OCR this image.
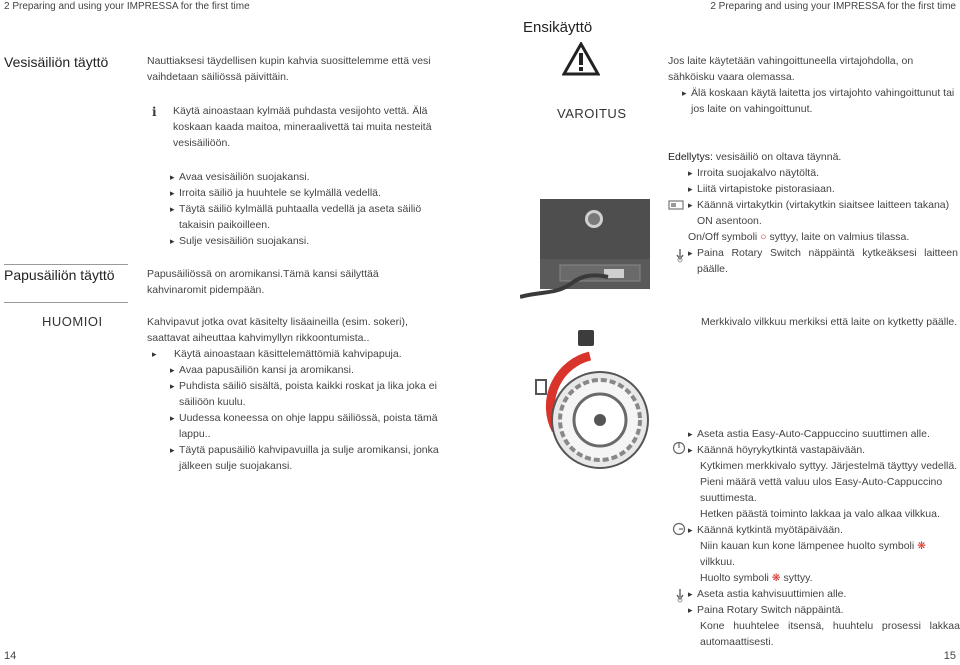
2 Preparing and using your IMPRESSA for the first time	2 Preparing and using your IMPRESSA for the first time
Ensikäyttö
Vesisäiliön täyttö	Nauttiaksesi täydellisen kupin kahvia suosittelemme että vesi vaihdetaan säiliössä päivittäin.
i Käytä ainoastaan kylmää puhdasta vesijohto vettä. Älä koskaan kaada maitoa, mineraalivettä tai muita nesteitä vesisäiliöön.
▸ Avaa vesisäiliön suojakansi.
▸ Irroita säiliö ja huuhtele se kylmällä vedellä.
▸ Täytä säiliö kylmällä puhtaalla vedellä ja aseta säiliö takaisin paikoilleen.
▸ Sulje vesisäiliön suojakansi.
Papusäiliön täyttö	Papusäiliössä on aromikansi.Tämä kansi säilyttää kahvinaromit pidempään.
HUOMIOI	Kahvipavut jotka ovat käsitelty lisäaineilla (esim. sokeri), saattavat aiheuttaa kahvimyllyn rikkoontumista..
▸ Käytä ainoastaan käsittelemättömiä kahvipapuja.
▸ Avaa papusäiliön kansi ja aromikansi.
▸ Puhdista säiliö sisältä, poista kaikki roskat ja lika joka ei säiliöön kuulu.
▸ Uudessa koneessa on ohje lappu säiliössä, poista tämä lappu..
▸ Täytä papusäiliö kahvipavuilla ja sulje aromikansi, jonka jälkeen sulje suojakansi.
14
VAROITUS
Jos laite käytetään vahingoittuneella virtajohdolla, on sähköisku vaara olemassa.
▸ Älä koskaan käytä laitetta jos virtajohto vahingoittunut tai jos laite on vahingoittunut.
Edellytys: vesisäiliö on oltava täynnä.
▸ Irroita suojakalvo näytöltä.
▸ Liitä virtapistoke pistorasiaan.
▸ Käännä virtakytkin (virtakytkin siaitsee laitteen takana) ON asentoon.
On/Off symboli ○ syttyy, laite on valmius tilassa.
▸ Paina Rotary Switch näppäintä kytkeäksesi laitteen päälle.
Merkkivalo vilkkuu merkiksi että laite on kytketty päälle.
▸ Aseta astia Easy-Auto-Cappuccino suuttimen alle.
▸ Käännä höyrykytkintä vastapäivään.
Kytkimen merkkivalo syttyy. Järjestelmä täyttyy vedellä.
Pieni määrä vettä valuu ulos Easy-Auto-Cappuccino suuttimesta.
Hetken päästä toiminto lakkaa ja valo alkaa vilkkua.
▸ Käännä kytkintä myötäpäivään.
Niin kauan kun kone lämpenee huolto symboli ❋ vilkkuu.
Huolto symboli ❋ syttyy.
▸ Aseta astia kahvisuuttimien alle.
▸ Paina Rotary Switch näppäintä.
Kone huuhtelee itsensä, huuhtelu prosessi lakkaa automaattisesti.
15
